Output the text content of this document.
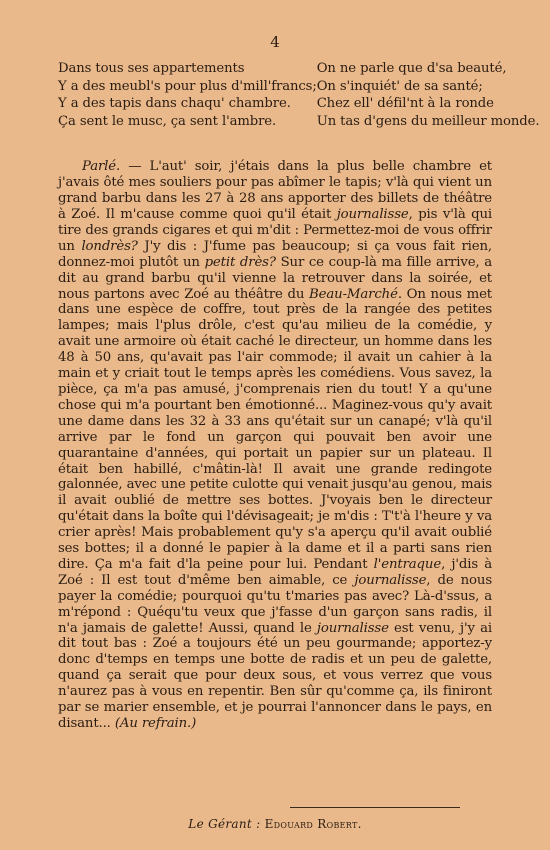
4
Dans tous ses appartements
Y a des meubl's pour plus d'mill'francs;
Y a des tapis dans chaqu' chambre.
Ça sent le musc, ça sent l'ambre.
On ne parle que d'sa beauté,
On s'inquiét' de sa santé;
Chez ell' défil'nt à la ronde
Un tas d'gens du meilleur monde.

Parlé. — L'aut' soir, j'étais dans la plus belle chambre et j'avais ôté mes souliers pour pas abîmer le tapis; v'là qui vient un grand barbu dans les 27 à 28 ans apporter des billets de théâtre à Zoé. Il m'cause comme quoi qu'il était journalisse, pis v'là qui tire des grands cigares et qui m'dit : Permettez-moi de vous offrir un londrès? J'y dis : J'fume pas beaucoup; si ça vous fait rien, donnez-moi plutôt un petit drès? Sur ce coup-là ma fille arrive, a dit au grand barbu qu'il vienne la retrouver dans la soirée, et nous partons avec Zoé au théâtre du Beau-Marché. On nous met dans une espèce de coffre, tout près de la rangée des petites lampes; mais l'plus drôle, c'est qu'au milieu de la comédie, y avait une armoire où était caché le directeur, un homme dans les 48 à 50 ans, qu'avait pas l'air commode; il avait un cahier à la main et y criait tout le temps après les comédiens. Vous savez, la pièce, ça m'a pas amusé, j'comprenais rien du tout! Y a qu'une chose qui m'a pourtant ben émotionné... Maginez-vous qu'y avait une dame dans les 32 à 33 ans qu'était sur un canapé; v'là qu'il arrive par le fond un garçon qui pouvait ben avoir une quarantaine d'années, qui portait un papier sur un plateau. Il était ben habillé, c'mâtin-là! Il avait une grande redingote galonnée, avec une petite culotte qui venait jusqu'au genou, mais il avait oublié de mettre ses bottes. J'voyais ben le directeur qu'était dans la boîte qui l'dévisageait; je m'dis : T't'à l'heure y va crier après! Mais probablement qu'y s'a aperçu qu'il avait oublié ses bottes; il a donné le papier à la dame et il a parti sans rien dire. Ça m'a fait d'la peine pour lui. Pendant l'entraque, j'dis à Zoé : Il est tout d'même ben aimable, ce journalisse, de nous payer la comédie; pourquoi qu'tu t'maries pas avec? Là-d'ssus, a m'répond : Quéqu'tu veux que j'fasse d'un garçon sans radis, il n'a jamais de galette! Aussi, quand le journalisse est venu, j'y ai dit tout bas : Zoé a toujours été un peu gourmande; apportez-y donc d'temps en temps une botte de radis et un peu de galette, quand ça serait que pour deux sous, et vous verrez que vous n'aurez pas à vous en repentir. Ben sûr qu'comme ça, ils finiront par se marier ensemble, et je pourrai l'annoncer dans le pays, en disant... (Au refrain.)

Le Gérant : Edouard Robert.
